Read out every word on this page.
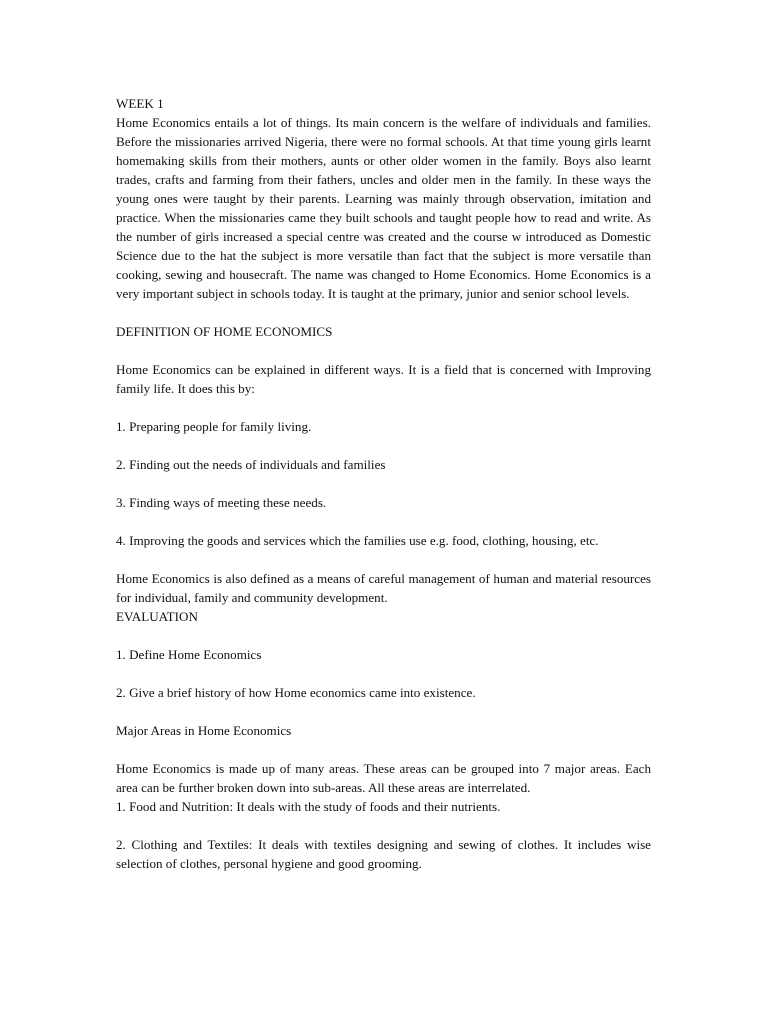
WEEK 1

Home Economics entails a lot of things. Its main concern is the welfare of individuals and families. Before the missionaries arrived Nigeria, there were no formal schools. At that time young girls learnt homemaking skills from their mothers, aunts or other older women in the family. Boys also learnt trades, crafts and farming from their fathers, uncles and older men in the family. In these ways the young ones were taught by their parents. Learning was mainly through observation, imitation and practice. When the missionaries came they built schools and taught people how to read and write. As the number of girls increased a special centre was created and the course w introduced as Domestic Science due to the hat the subject is more versatile than fact that the subject is more versatile than cooking, sewing and housecraft. The name was changed to Home Economics. Home Economics is a very important subject in schools today. It is taught at the primary, junior and senior school levels.

DEFINITION OF HOME ECONOMICS

Home Economics can be explained in different ways. It is a field that is concerned with Improving family life. It does this by:

1. Preparing people for family living.

2. Finding out the needs of individuals and families

3. Finding ways of meeting these needs.

4. Improving the goods and services which the families use e.g. food, clothing, housing, etc.

Home Economics is also defined as a means of careful management of human and material resources for individual, family and community development.

EVALUATION

1. Define Home Economics

2. Give a brief history of how Home economics came into existence.

Major Areas in Home Economics

Home Economics is made up of many areas. These areas can be grouped into 7 major areas. Each area can be further broken down into sub-areas. All these areas are interrelated.

1. Food and Nutrition: It deals with the study of foods and their nutrients.

2. Clothing and Textiles: It deals with textiles designing and sewing of clothes. It includes wise selection of clothes, personal hygiene and good grooming.
